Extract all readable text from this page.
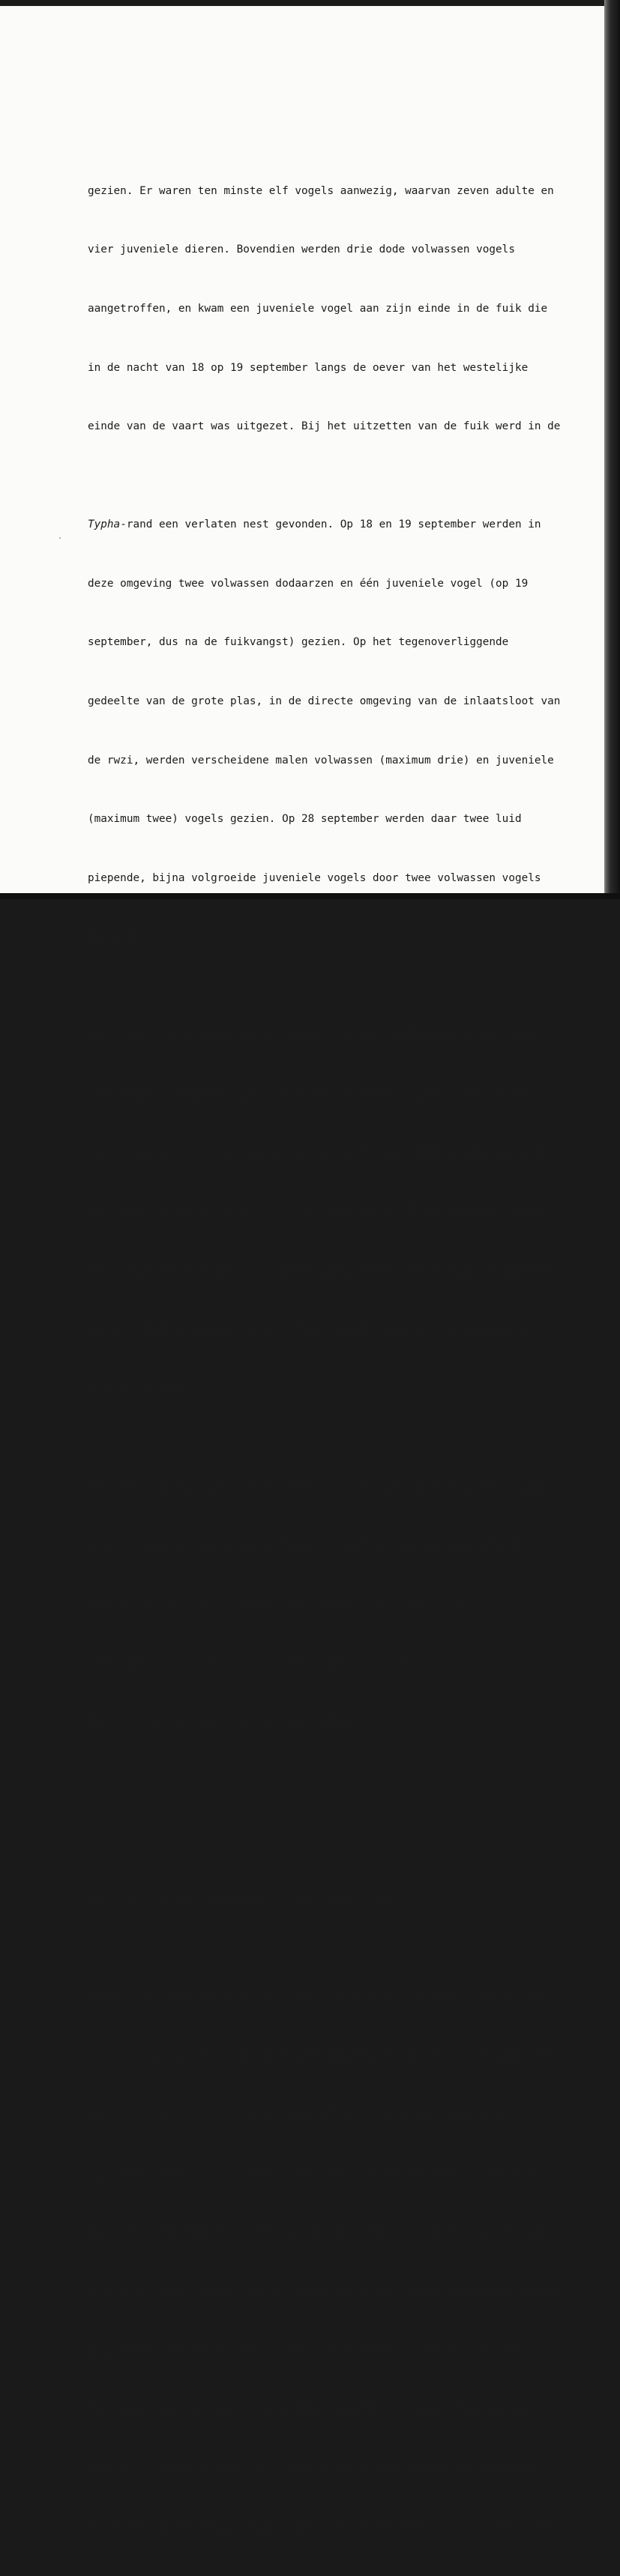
gezien. Er waren ten minste elf vogels aanwezig, waarvan zeven adulte en

vier juveniele dieren. Bovendien werden drie dode volwassen vogels

aangetroffen, en kwam een juveniele vogel aan zijn einde in de fuik die

in de nacht van 18 op 19 september langs de oever van het westelijke

einde van de vaart was uitgezet. Bij het uitzetten van de fuik werd in de

Typha-rand een verlaten nest gevonden. Op 18 en 19 september werden in

deze omgeving twee volwassen dodaarzen en één juveniele vogel (op 19

september, dus na de fuikvangst) gezien. Op het tegenoverliggende

gedeelte van de grote plas, in de directe omgeving van de inlaatsloot van

de rwzi, werden verscheidene malen volwassen (maximum drie) en juveniele

(maximum twee) vogels gezien. Op 28 september werden daar twee luid

piepende, bijna volgroeide juveniele vogels door twee volwassen vogels

gevoerd.

Net als in maart werden de dodaarsjes vrijwel uitsluitend op de grote

plas gezien, nabij de zuid-, oost- en noordoevers. Iets vaker dan in

maart werd de soort waargenomen in de vaart (waarschijnlijk in verband

met het broedgeval aldaar), waar ook eens een vogel werd gezien vlakbij

de schuivende bulldozer, waar kennelijk interessante prooien beschikbaar

kwamen. Slechts eenmaal werden (twee) vogels gezien op de kleine plas

(noordwesthoek).

Ofschoon duidelijk was dat de vogels vrijwel uitsluitend tijdens duiken

onder water hun voedsel bemachtigden, bleef onduidelijk waaruit het

voedsel van de vogels bestond. Vermoedelijk ging het vooral om

waterwantsen, waterkevers, vislarven of kleine vis.

De soort werd elders op Aruba niet gezien.

Bigua aalscholver Phalacrocorax olivaceus, 'dèkla'

Maart  Totaal 90-100 vogels aanwezig. Alle vogels rustten 's avonds en

's nachts in losse clubjes in enkele Avicennia's in het noordelijke deel

van de kleine plas. Midden overdag zaten hier doorgaans nog enkele

tientallen vogels. 's Ochtends vroeg verspreidde een deel van de vogels

zich over de kleine en grote plas. In de grote plas waren maximaal tien

vogels aanwezig, zittend op de stenen van de voormalige zoutpandammetjes,

incidenteel ook foeragerend in de directe omgeving daarvan. Voor het

foerageren was de kleine plas echter duidelijk favoriet. Hier werden

geregeld solitaire vogels en kleine groepjes zeer actief en duidelijk

succesvol vissend bezig gezien. De vogels doken onder of -waar het water
